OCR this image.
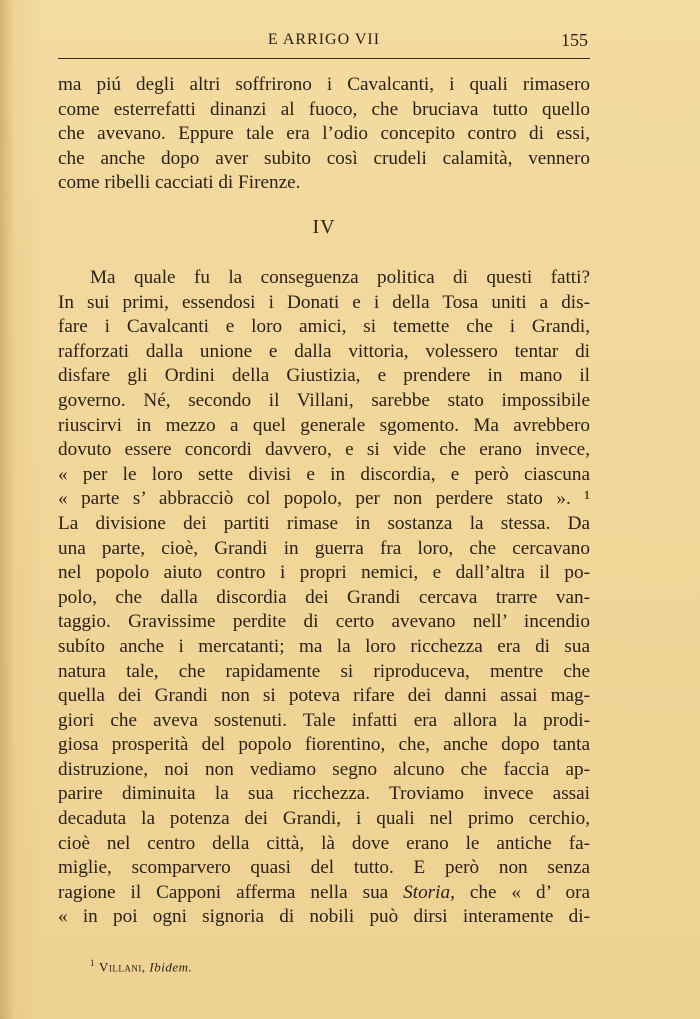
E ARRIGO VII	155
ma piú degli altri soffrirono i Cavalcanti, i quali rimasero
come esterrefatti dinanzi al fuoco, che bruciava tutto quello
che avevano. Eppure tale era l’odio concepito contro di essi,
che anche dopo aver subito così crudeli calamità, vennero
come ribelli cacciati di Firenze.
IV
Ma quale fu la conseguenza politica di questi fatti?
In sui primi, essendosi i Donati e i della Tosa uniti a dis-
fare i Cavalcanti e loro amici, si temette che i Grandi,
rafforzati dalla unione e dalla vittoria, volessero tentar di
disfare gli Ordini della Giustizia, e prendere in mano il
governo. Né, secondo il Villani, sarebbe stato impossibile
riuscirvi in mezzo a quel generale sgomento. Ma avrebbero
dovuto essere concordi davvero, e si vide che erano invece,
« per le loro sette divisi e in discordia, e però ciascuna
« parte s’ abbracciò col popolo, per non perdere stato ». ¹
La divisione dei partiti rimase in sostanza la stessa. Da
una parte, cioè, Grandi in guerra fra loro, che cercavano
nel popolo aiuto contro i propri nemici, e dall’altra il po-
polo, che dalla discordia dei Grandi cercava trarre van-
taggio. Gravissime perdite di certo avevano nell’ incendio
subíto anche i mercatanti; ma la loro ricchezza era di sua
natura tale, che rapidamente si riproduceva, mentre che
quella dei Grandi non si poteva rifare dei danni assai mag-
giori che aveva sostenuti. Tale infatti era allora la prodi-
giosa prosperità del popolo fiorentino, che, anche dopo tanta
distruzione, noi non vediamo segno alcuno che faccia ap-
parire diminuita la sua ricchezza. Troviamo invece assai
decaduta la potenza dei Grandi, i quali nel primo cerchio,
cioè nel centro della città, là dove erano le antiche fa-
miglie, scomparvero quasi del tutto. E però non senza
ragione il Capponi afferma nella sua Storia, che « d’ ora
« in poi ogni signoria di nobili può dirsi interamente di-
$^1$ Villani, Ibidem.
